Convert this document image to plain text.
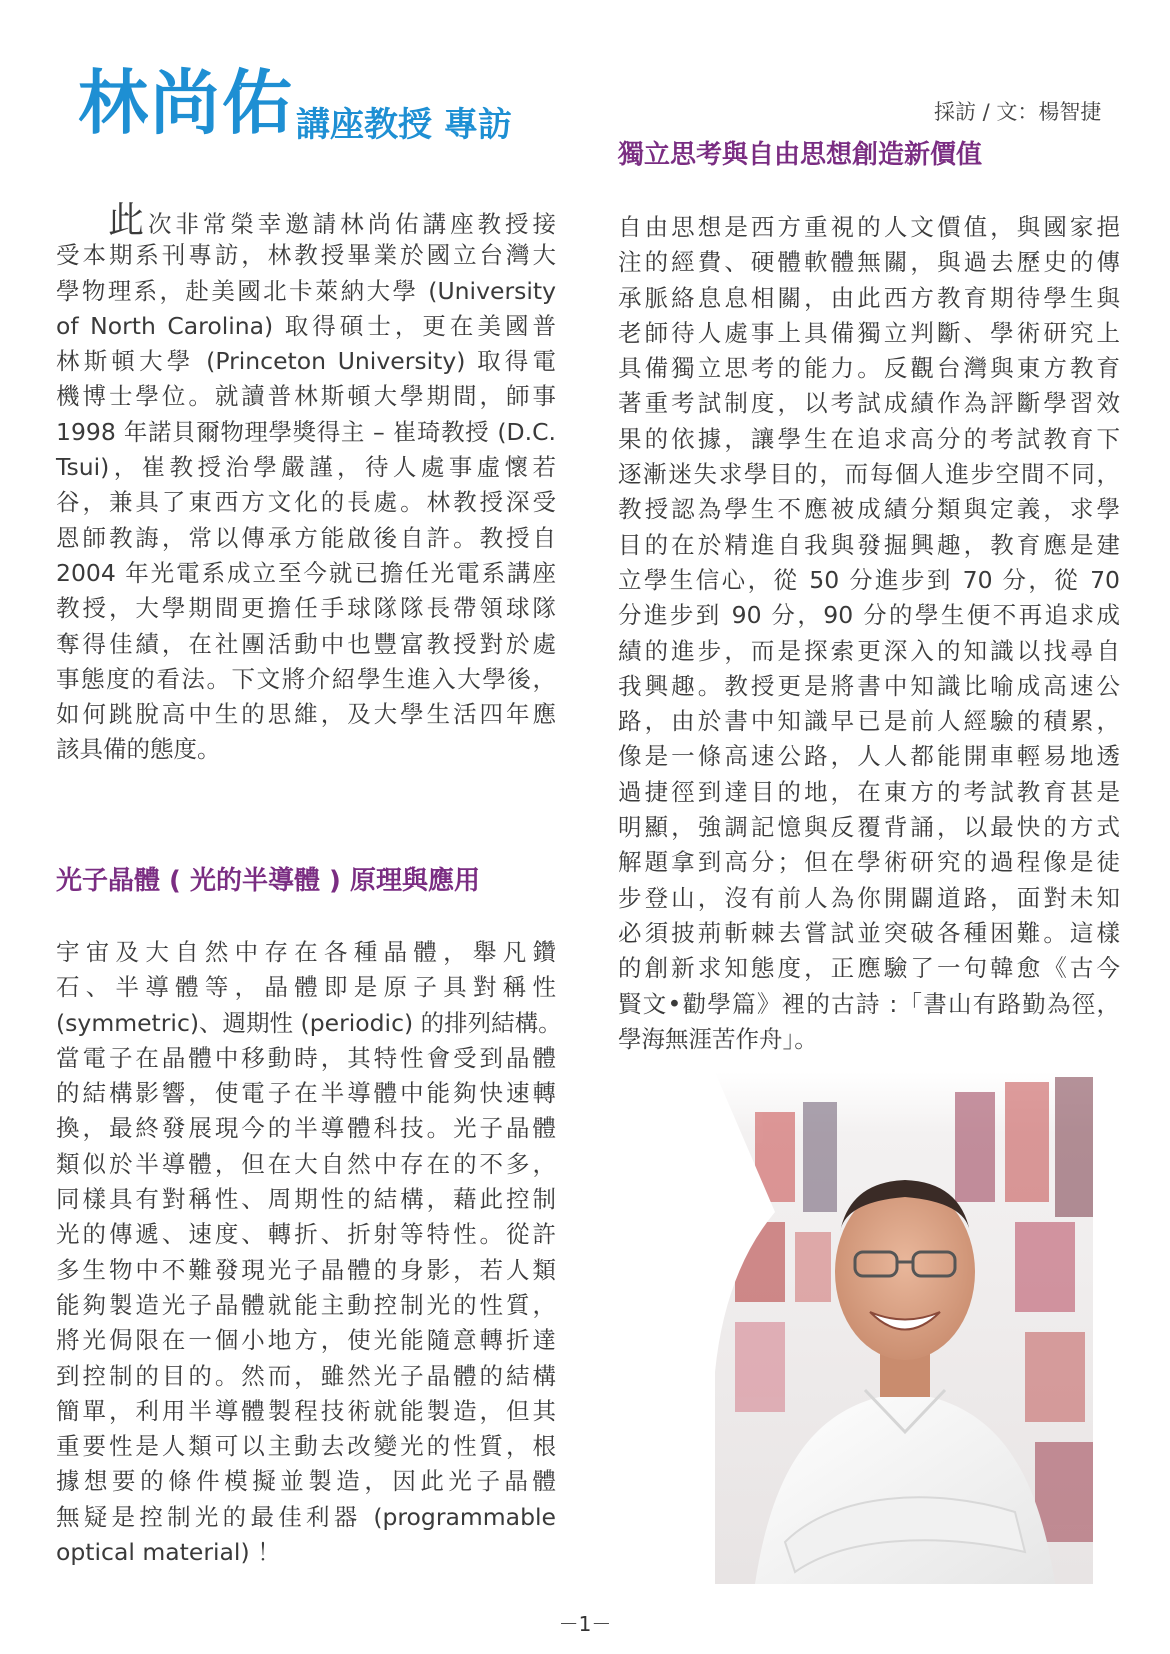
林尚佑 講座教授 專訪	採訪 / 文：楊智捷
獨立思考與自由思想創造新價值
此次非常榮幸邀請林尚佑講座教授接
受本期系刊專訪，林教授畢業於國立台灣大
學物理系，赴美國北卡萊納大學 (University
of North Carolina) 取得碩士，更在美國普
林斯頓大學 (Princeton University) 取得電
機博士學位。就讀普林斯頓大學期間，師事
1998 年諾貝爾物理學獎得主 – 崔琦教授 (D.C.
Tsui)，崔教授治學嚴謹，待人處事虛懷若
谷，兼具了東西方文化的長處。林教授深受
恩師教誨，常以傳承方能啟後自許。教授自
2004 年光電系成立至今就已擔任光電系講座
教授，大學期間更擔任手球隊隊長帶領球隊
奪得佳績，在社團活動中也豐富教授對於處
事態度的看法。下文將介紹學生進入大學後，
如何跳脫高中生的思維，及大學生活四年應
該具備的態度。
光子晶體 ( 光的半導體 ) 原理與應用
宇宙及大自然中存在各種晶體，舉凡鑽
石、半導體等，晶體即是原子具對稱性
(symmetric)、週期性 (periodic) 的排列結構。
當電子在晶體中移動時，其特性會受到晶體
的結構影響，使電子在半導體中能夠快速轉
換，最終發展現今的半導體科技。光子晶體
類似於半導體，但在大自然中存在的不多，
同樣具有對稱性、周期性的結構，藉此控制
光的傳遞、速度、轉折、折射等特性。從許
多生物中不難發現光子晶體的身影，若人類
能夠製造光子晶體就能主動控制光的性質，
將光侷限在一個小地方，使光能隨意轉折達
到控制的目的。然而，雖然光子晶體的結構
簡單，利用半導體製程技術就能製造，但其
重要性是人類可以主動去改變光的性質，根
據想要的條件模擬並製造，因此光子晶體
無疑是控制光的最佳利器 (programmable
optical material) ！
自由思想是西方重視的人文價值，與國家挹
注的經費、硬體軟體無關，與過去歷史的傳
承脈絡息息相關，由此西方教育期待學生與
老師待人處事上具備獨立判斷、學術研究上
具備獨立思考的能力。反觀台灣與東方教育
著重考試制度，以考試成績作為評斷學習效
果的依據，讓學生在追求高分的考試教育下
逐漸迷失求學目的，而每個人進步空間不同，
教授認為學生不應被成績分類與定義，求學
目的在於精進自我與發掘興趣，教育應是建
立學生信心，從 50 分進步到 70 分，從 70
分進步到 90 分，90 分的學生便不再追求成
績的進步，而是探索更深入的知識以找尋自
我興趣。教授更是將書中知識比喻成高速公
路，由於書中知識早已是前人經驗的積累，
像是一條高速公路，人人都能開車輕易地透
過捷徑到達目的地，在東方的考試教育甚是
明顯，強調記憶與反覆背誦，以最快的方式
解題拿到高分；但在學術研究的過程像是徒
步登山，沒有前人為你開闢道路，面對未知
必須披荊斬棘去嘗試並突破各種困難。這樣
的創新求知態度，正應驗了一句韓愈《古今
賢文•勸學篇》裡的古詩 :「書山有路勤為徑，
學海無涯苦作舟」。
－1－
